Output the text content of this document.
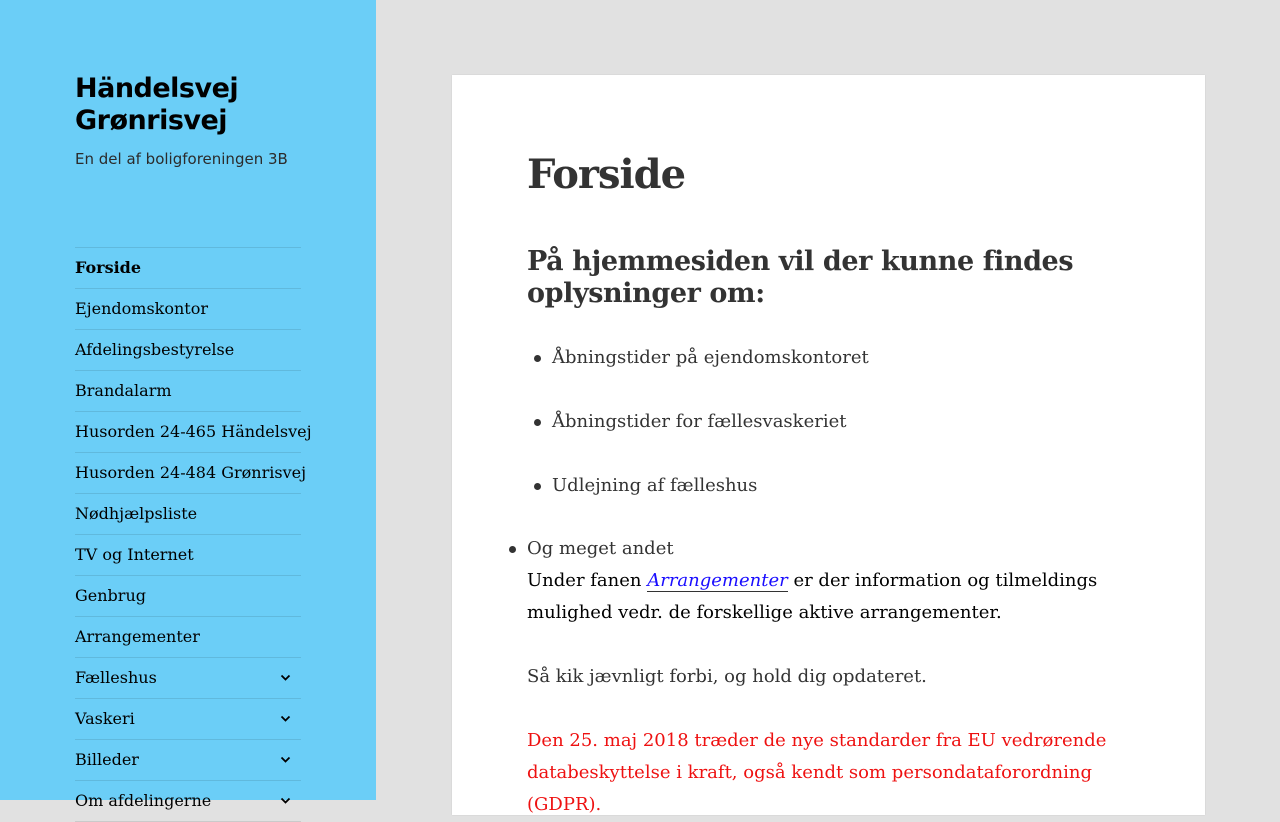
Händelsvej Grønrisvej

En del af boligforeningen 3B

Forside
Ejendomskontor
Afdelingsbestyrelse
Brandalarm
Husorden 24-465 Händelsvej
Husorden 24-484 Grønrisvej
Nødhjælpsliste
TV og Internet
Genbrug
Arrangementer
Fælleshus
Vaskeri
Billeder
Om afdelingerne
Forside
På hjemmesiden vil der kunne findes oplysninger om:

Åbningstider på ejendomskontoret

Åbningstider for fællesvaskeriet

Udlejning af fælleshus

Og meget andet

Under fanen Arrangementer er der information og tilmeldings mulighed vedr. de forskellige aktive arrangementer.

Så kik jævnligt forbi, og hold dig opdateret.

Den 25. maj 2018 træder de nye standarder fra EU vedrørende databeskyttelse i kraft, også kendt som persondataforordning (GDPR).
